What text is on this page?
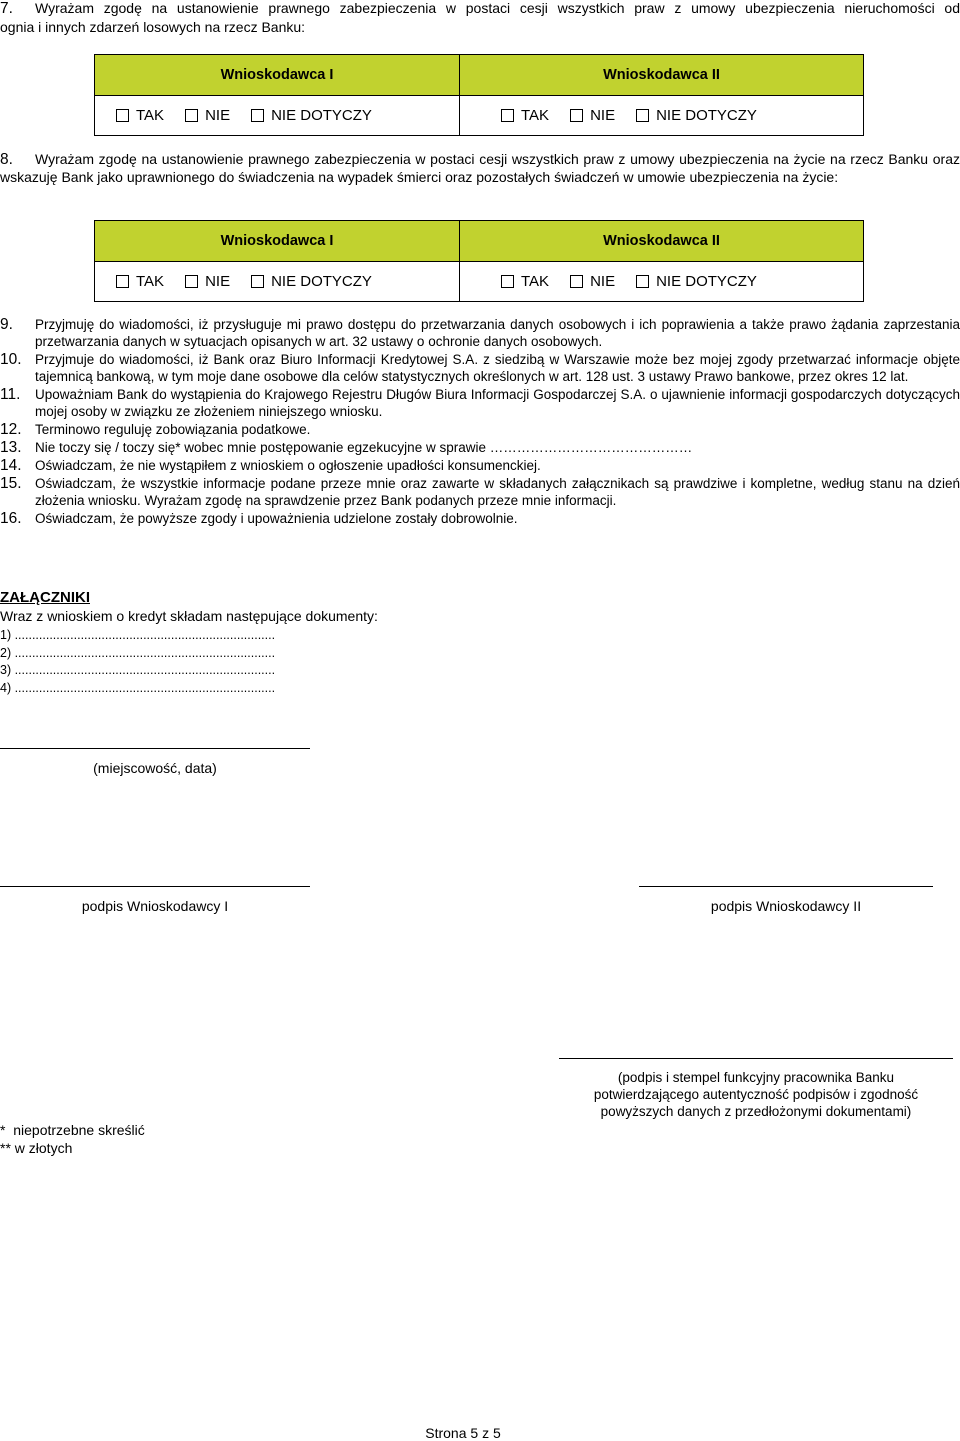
7. Wyrażam zgodę na ustanowienie prawnego zabezpieczenia w postaci cesji wszystkich praw z umowy ubezpieczenia nieruchomości od
ognia i innych zdarzeń losowych na rzecz Banku:
Wnioskodawca I	Wnioskodawca II

TAK NIE NIE DOTYCZY	TAK NIE NIE DOTYCZY
8. Wyrażam zgodę na ustanowienie prawnego zabezpieczenia w postaci cesji wszystkich praw z umowy ubezpieczenia na życie na rzecz Banku oraz wskazuję Bank jako uprawnionego do świadczenia na wypadek śmierci oraz pozostałych świadczeń w umowie ubezpieczenia na życie:
Wnioskodawca I	Wnioskodawca II

TAK NIE NIE DOTYCZY	TAK NIE NIE DOTYCZY
9. Przyjmuję do wiadomości, iż przysługuje mi prawo dostępu do przetwarzania danych osobowych i ich poprawienia a także prawo żądania zaprzestania przetwarzania danych w sytuacjach opisanych w art. 32 ustawy o ochronie danych osobowych.
10. Przyjmuje do wiadomości, iż Bank oraz Biuro Informacji Kredytowej S.A. z siedzibą w Warszawie może bez mojej zgody przetwarzać informacje objęte tajemnicą bankową, w tym moje dane osobowe dla celów statystycznych określonych w art. 128 ust. 3 ustawy Prawo bankowe, przez okres 12 lat.
11. Upoważniam Bank do wystąpienia do Krajowego Rejestru Długów Biura Informacji Gospodarczej S.A. o ujawnienie informacji gospodarczych dotyczących mojej osoby w związku ze złożeniem niniejszego wniosku.
12. Terminowo reguluję zobowiązania podatkowe.
13. Nie toczy się / toczy się* wobec mnie postępowanie egzekucyjne w sprawie ………………………………………
14. Oświadczam, że nie wystąpiłem z wnioskiem o ogłoszenie upadłości konsumenckiej.
15. Oświadczam, że wszystkie informacje podane przeze mnie oraz zawarte w składanych załącznikach są prawdziwe i kompletne, według stanu na dzień złożenia wniosku. Wyrażam zgodę na sprawdzenie przez Bank podanych przeze mnie informacji.
16. Oświadczam, że powyższe zgody i upoważnienia udzielone zostały dobrowolnie.
ZAŁĄCZNIKI
Wraz z wnioskiem o kredyt składam następujące dokumenty:
1) ...........................................................................
2) ...........................................................................
3) ...........................................................................
4) ...........................................................................
(miejscowość, data)
podpis Wnioskodawcy I	podpis Wnioskodawcy II
(podpis i stempel funkcyjny pracownika Banku
potwierdzającego autentyczność podpisów i zgodność
powyższych danych z przedłożonymi dokumentami)
*  niepotrzebne skreślić
** w złotych
Strona 5 z 5
